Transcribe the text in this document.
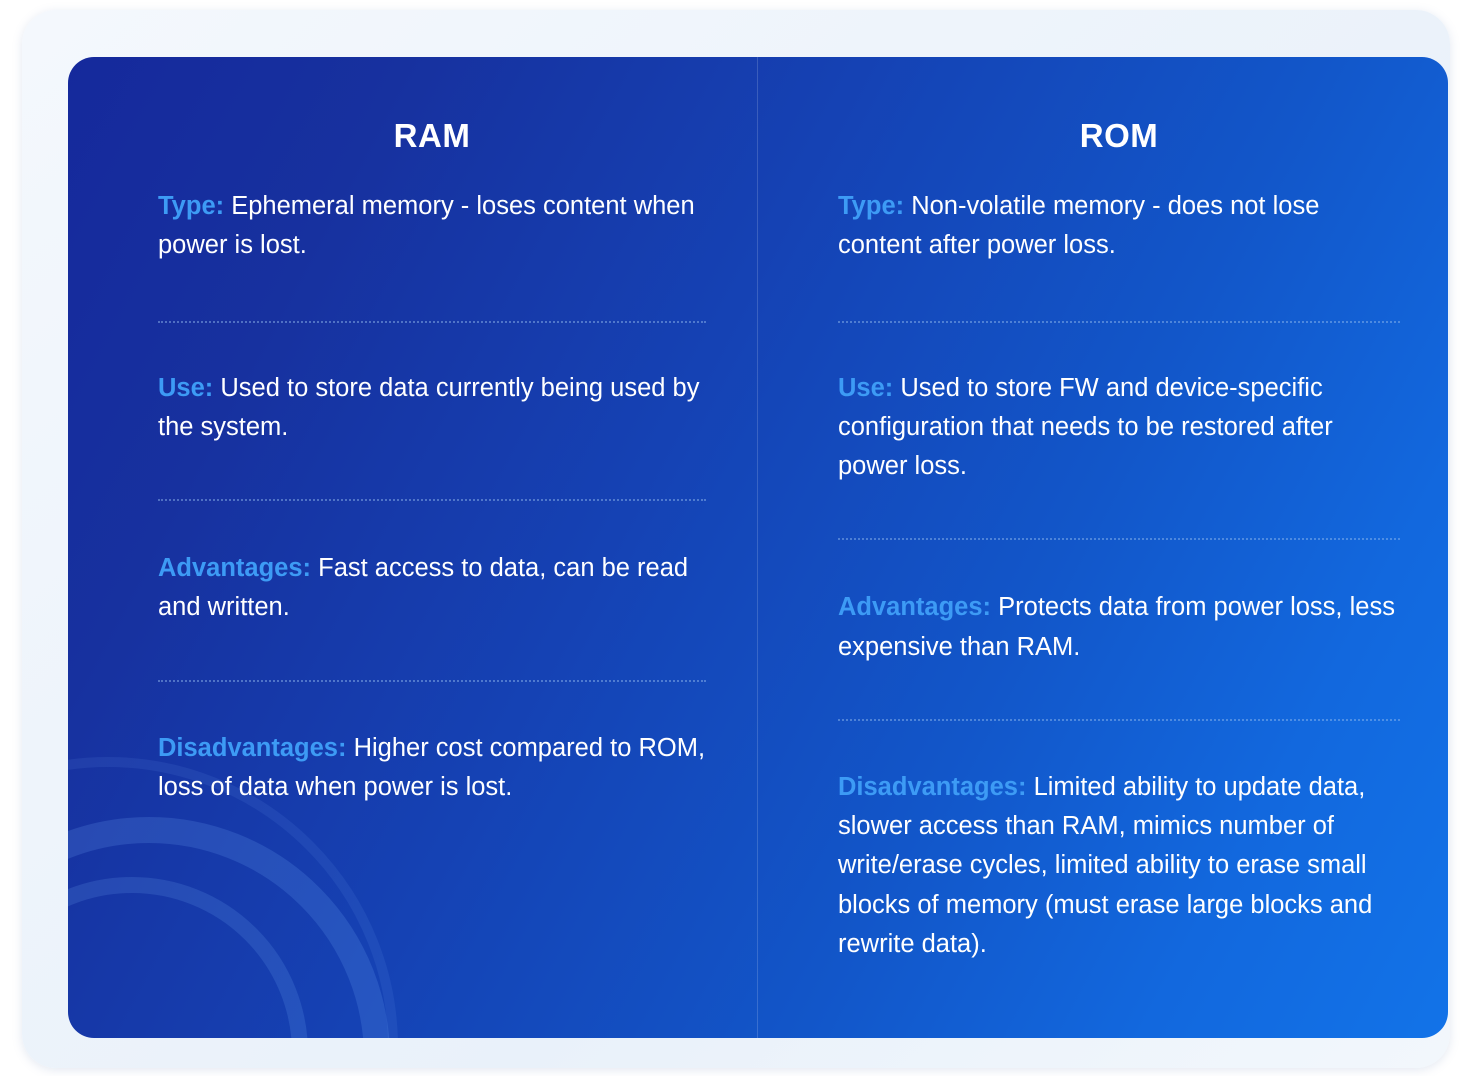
RAM
Type: Ephemeral memory - loses content when power is lost.
Use: Used to store data currently being used by the system.
Advantages: Fast access to data, can be read and written.
Disadvantages: Higher cost compared to ROM, loss of data when power is lost.
ROM
Type: Non-volatile memory - does not lose content after power loss.
Use: Used to store FW and device-specific configuration that needs to be restored after power loss.
Advantages: Protects data from power loss, less expensive than RAM.
Disadvantages: Limited ability to update data, slower access than RAM, mimics number of write/erase cycles, limited ability to erase small blocks of memory (must erase large blocks and rewrite data).
